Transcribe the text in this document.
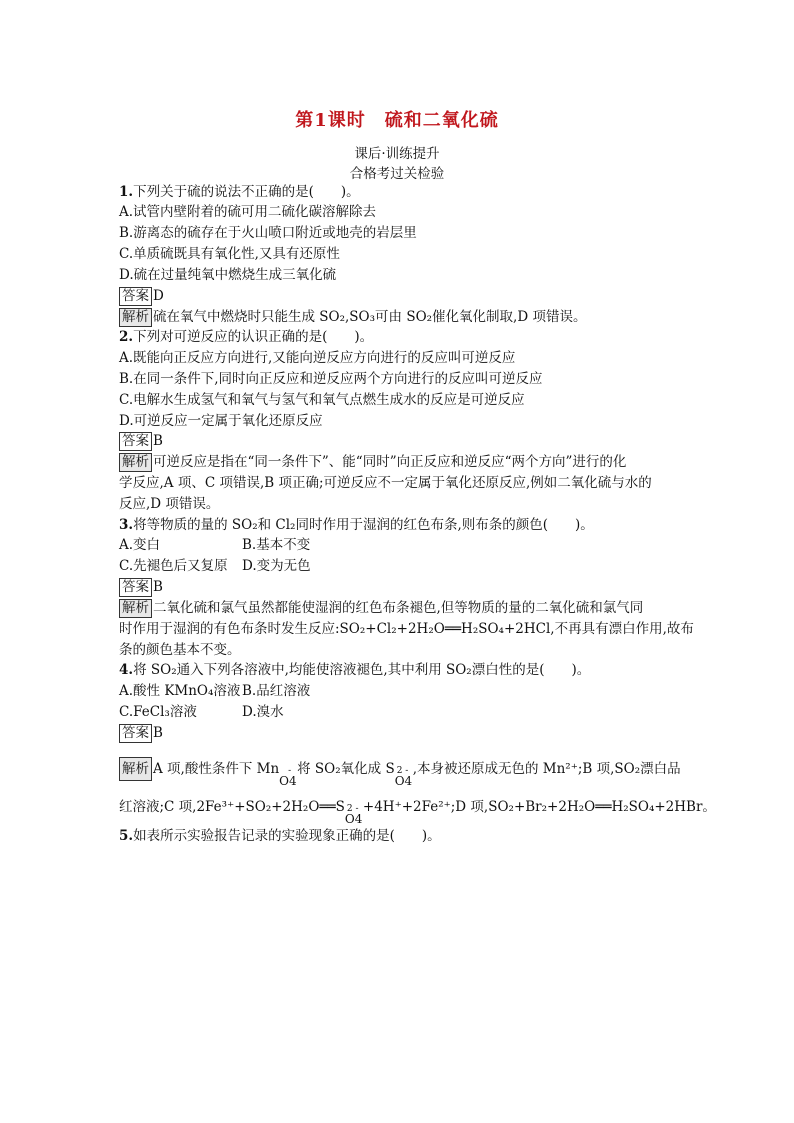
第1课时　硫和二氧化硫
课后·训练提升
合格考过关检验
1.下列关于硫的说法不正确的是(　　)。
A.试管内壁附着的硫可用二硫化碳溶解除去
B.游离态的硫存在于火山喷口附近或地壳的岩层里
C.单质硫既具有氧化性,又具有还原性
D.硫在过量纯氧中燃烧生成三氧化硫
答案 D
解析 硫在氧气中燃烧时只能生成 SO₂,SO₃可由 SO₂催化氧化制取,D 项错误。
2.下列对可逆反应的认识正确的是(　　)。
A.既能向正反应方向进行,又能向逆反应方向进行的反应叫可逆反应
B.在同一条件下,同时向正反应和逆反应两个方向进行的反应叫可逆反应
C.电解水生成氢气和氧气与氢气和氧气点燃生成水的反应是可逆反应
D.可逆反应一定属于氧化还原反应
答案 B
解析 可逆反应是指在“同一条件下”、能“同时”向正反应和逆反应“两个方向”进行的化
学反应,A 项、C 项错误,B 项正确;可逆反应不一定属于氧化还原反应,例如二氧化硫与水的
反应,D 项错误。
3.将等物质的量的 SO₂和 Cl₂同时作用于湿润的红色布条,则布条的颜色(　　)。
A.变白	B.基本不变
C.先褪色后又复原 D.变为无色
答案 B
解析 二氧化硫和氯气虽然都能使湿润的红色布条褪色,但等物质的量的二氧化硫和氯气同
时作用于湿润的有色布条时发生反应:SO₂+Cl₂+2H₂O══H₂SO₄+2HCl,不再具有漂白作用,故布
条的颜色基本不变。
4.将 SO₂通入下列各溶液中,均能使溶液褪色,其中利用 SO₂漂白性的是(　　)。
A.酸性 KMnO₄溶液 B.品红溶液
C.FeCl₃溶液	D.溴水
答案 B
解析 A 项,酸性条件下 Mn -
O4
将 SO₂氧化成 S 2 -
O4
,本身被还原成无色的 Mn²⁺;B 项,SO₂漂白品
红溶液;C 项,2Fe³⁺+SO₂+2H₂O══S 2 -
O4
+4H⁺+2Fe²⁺;D 项,SO₂+Br₂+2H₂O══H₂SO₄+2HBr。
5.如表所示实验报告记录的实验现象正确的是(　　)。
